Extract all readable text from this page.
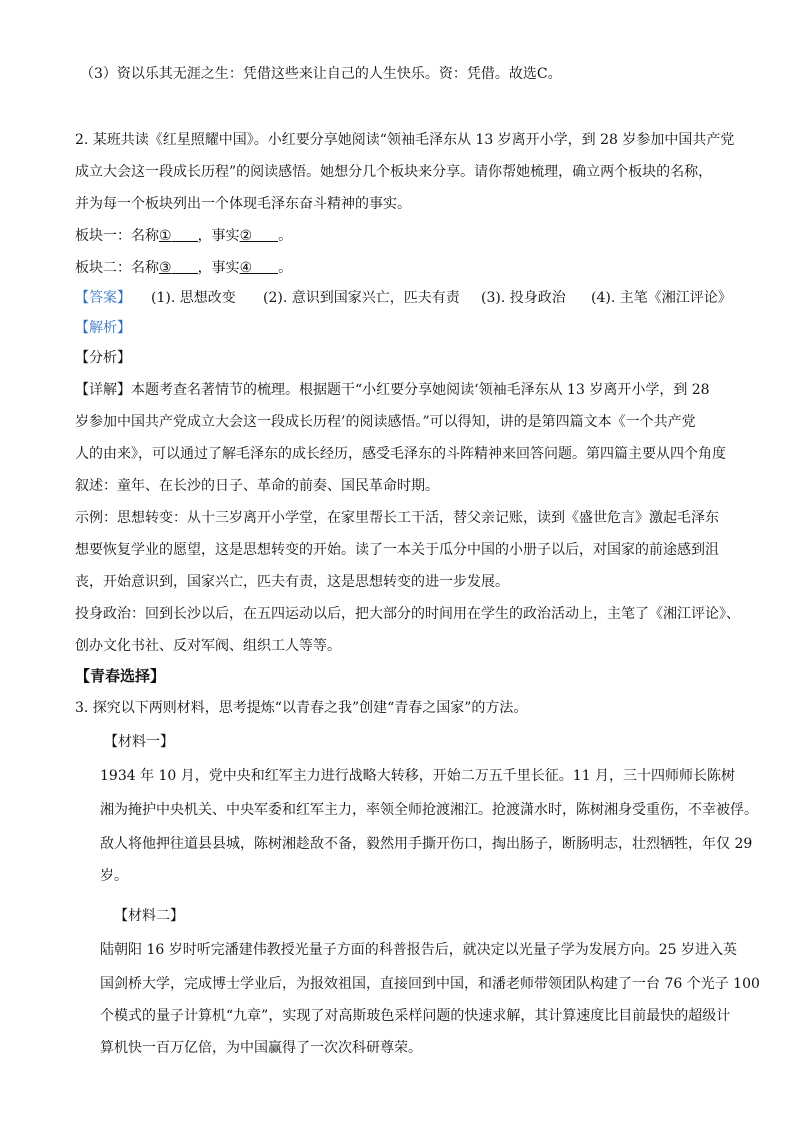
（3）资以乐其无涯之生：凭借这些来让自己的人生快乐。资：凭借。故选C。
2. 某班共读《红星照耀中国》。小红要分享她阅读“领袖毛泽东从 13 岁离开小学，到 28 岁参加中国共产党
成立大会这一段成长历程”的阅读感悟。她想分几个板块来分享。请你帮她梳理，确立两个板块的名称，
并为每一个板块列出一个体现毛泽东奋斗精神的事实。
板块一：名称① ，事实② 。
板块二：名称③ ，事实④ 。
【答案】 (1). 思想改变 (2). 意识到国家兴亡，匹夫有责 (3). 投身政治 (4). 主笔《湘江评论》
【解析】
【分析】
【详解】本题考查名著情节的梳理。根据题干“小红要分享她阅读‘领袖毛泽东从 13 岁离开小学，到 28
岁参加中国共产党成立大会这一段成长历程’的阅读感悟。”可以得知，讲的是第四篇文本《一个共产党
人的由来》，可以通过了解毛泽东的成长经历，感受毛泽东的斗阵精神来回答问题。第四篇主要从四个角度
叙述：童年、在长沙的日子、革命的前奏、国民革命时期。
示例：思想转变：从十三岁离开小学堂，在家里帮长工干活，替父亲记账，读到《盛世危言》激起毛泽东
想要恢复学业的愿望，这是思想转变的开始。读了一本关于瓜分中国的小册子以后，对国家的前途感到沮
丧，开始意识到，国家兴亡，匹夫有责，这是思想转变的进一步发展。
投身政治：回到长沙以后，在五四运动以后，把大部分的时间用在学生的政治活动上，主笔了《湘江评论》、
创办文化书社、反对军阀、组织工人等等。
【青春选择】
3. 探究以下两则材料，思考提炼“以青春之我”创建“青春之国家”的方法。
【材料一】
1934 年 10 月，党中央和红军主力进行战略大转移，开始二万五千里长征。11 月，三十四师师长陈树
湘为掩护中央机关、中央军委和红军主力，率领全师抢渡湘江。抢渡潇水时，陈树湘身受重伤，不幸被俘。
敌人将他押往道县县城，陈树湘趁敌不备，毅然用手撕开伤口，掏出肠子，断肠明志，壮烈牺牲，年仅 29
岁。
【材料二】
陆朝阳 16 岁时听完潘建伟教授光量子方面的科普报告后，就决定以光量子学为发展方向。25 岁进入英
国剑桥大学，完成博士学业后，为报效祖国，直接回到中国，和潘老师带领团队构建了一台 76 个光子 100
个模式的量子计算机“九章”，实现了对高斯玻色采样问题的快速求解，其计算速度比目前最快的超级计
算机快一百万亿倍，为中国赢得了一次次科研尊荣。
